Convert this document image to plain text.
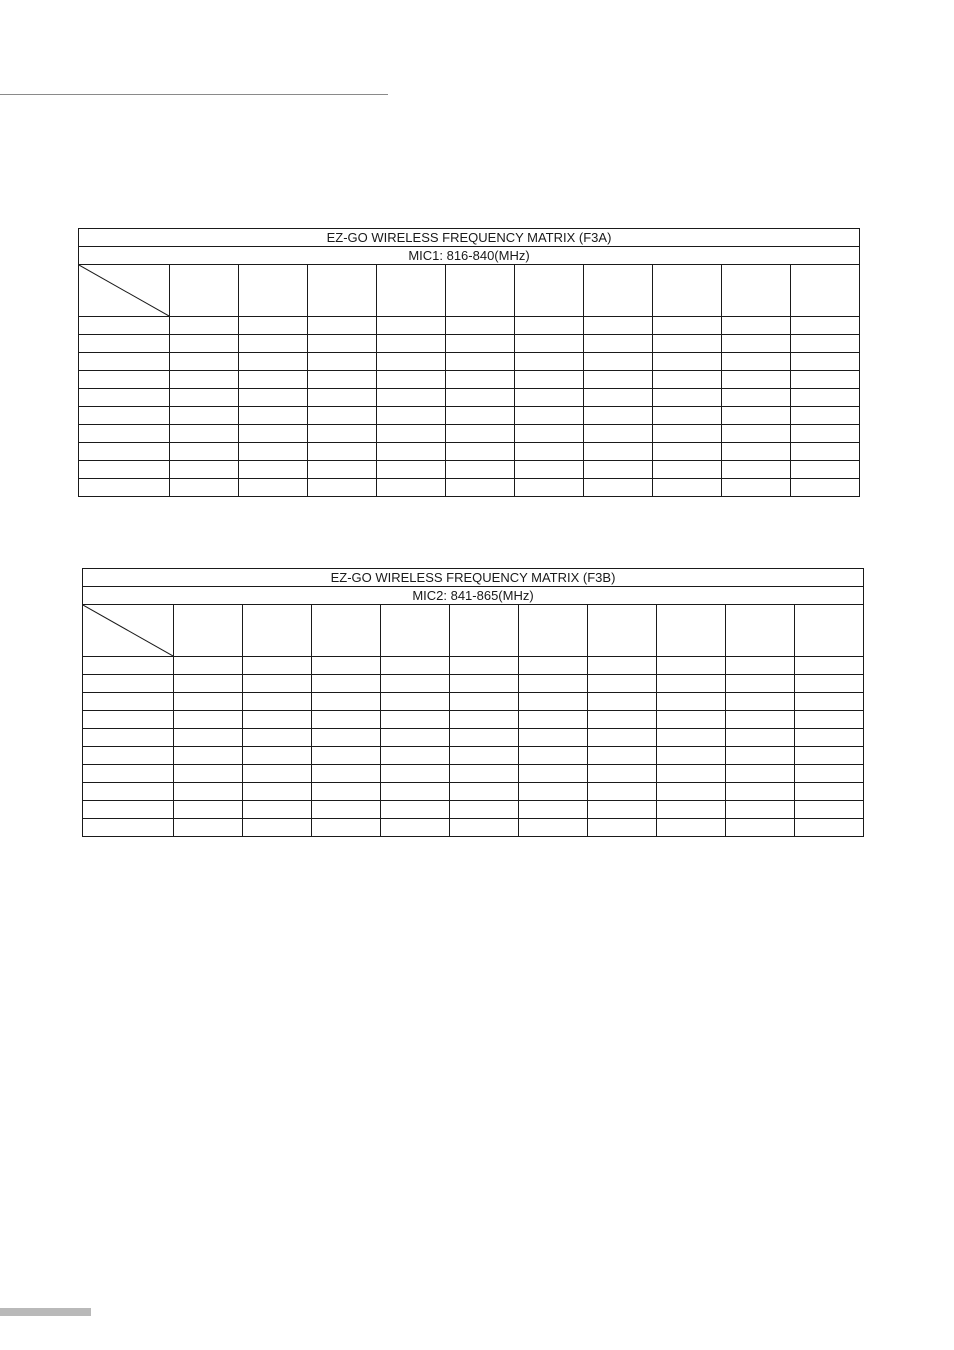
EZ-GO WIRELESS FREQUENCY MATRIX (F3A)										
MIC1: 816-840(MHz)										

EZ-GO WIRELESS FREQUENCY MATRIX (F3B)										
MIC2: 841-865(MHz)										
